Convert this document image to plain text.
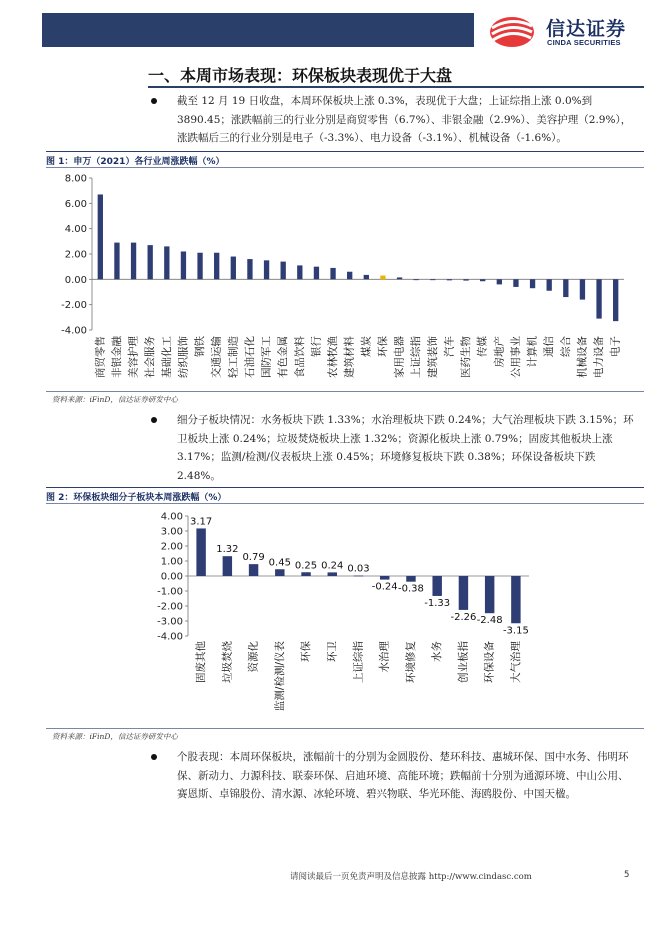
信达证券
CINDA SECURITIES
一、本周市场表现：环保板块表现优于大盘
截至 12 月 19 日收盘，本周环保板块上涨 0.3%，表现优于大盘；上证综指上涨 0.0%到 3890.45；涨跌幅前三的行业分别是商贸零售（6.7%）、非银金融（2.9%）、美容护理（2.9%），涨跌幅后三的行业分别是电子（-3.3%）、电力设备（-3.1%）、机械设备（-1.6%）。
图 1：申万（2021）各行业周涨跌幅（%）
8.00
6.00
4.00
2.00
0.00
-2.00
-4.00
商贸零售 非银金融 美容护理 社会服务 基础化工 纺织服饰 钢铁 交通运输 轻工制造 石油石化 国防军工 有色金属 食品饮料 银行 农林牧渔 建筑材料 煤炭 环保 家用电器 上证综指 建筑装饰 汽车 医药生物 传媒 房地产 公用事业 计算机 通信 综合 机械设备 电力设备 电子
资料来源：iFinD，信达证券研发中心
细分子板块情况：水务板块下跌 1.33%；水治理板块下跌 0.24%；大气治理板块下跌 3.15%；环卫板块上涨 0.24%；垃圾焚烧板块上涨 1.32%；资源化板块上涨 0.79%；固废其他板块上涨 3.17%；监测/检测/仪表板块上涨 0.45%；环境修复板块下跌 0.38%；环保设备板块下跌 2.48%。
图 2：环保板块细分子板块本周涨跌幅（%）
4.00
3.00
2.00
1.00
0.00
-1.00
-2.00
-3.00
-4.00
3.17
固废其他
1.32
垃圾焚烧
0.79
资源化
0.45
监测/检测/仪表
0.25
环保
0.24
环卫
0.03
上证综指
-0.24
水治理
-0.38
环境修复
-1.33
水务
-2.26
创业板指
-2.48
环保设备
-3.15
大气治理
资料来源：iFinD，信达证券研发中心
个股表现：本周环保板块，涨幅前十的分别为金圆股份、楚环科技、惠城环保、国中水务、伟明环保、新动力、力源科技、联泰环保、启迪环境、高能环境；跌幅前十分别为通源环境、中山公用、赛恩斯、卓锦股份、清水源、冰轮环境、碧兴物联、华光环能、海鸥股份、中国天楹。
请阅读最后一页免责声明及信息披露 http://www.cindasc.com	5
